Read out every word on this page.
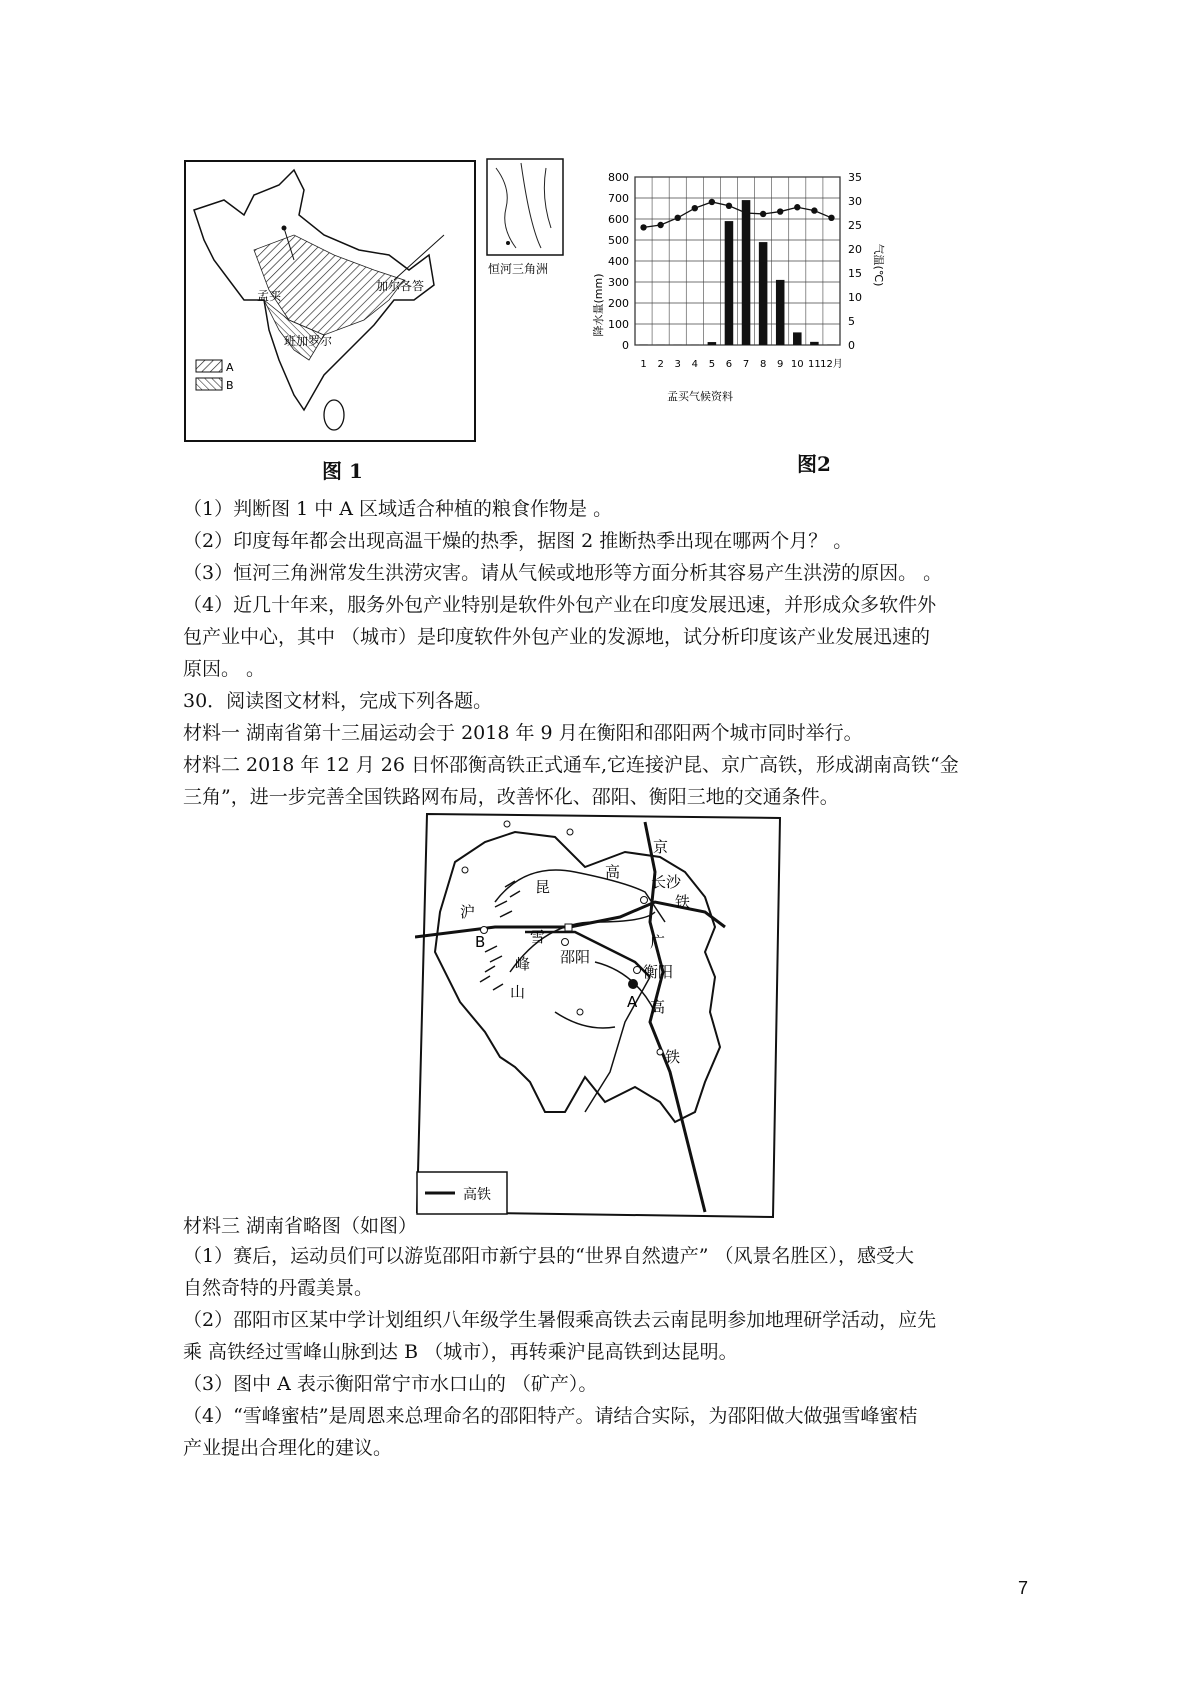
孟买
班加罗尔
加尔各答
A
B
恒河三角洲
图 1
降水量(mm)
气温(℃)
孟买气候资料
0
100
200
300
400
500
600
700
800
0
5
10
15
20
25
30
35
1 2 3 4 5 6 7 8 9 10 11 12月
图2
（1）判断图 1 中 A 区域适合种植的粮食作物是 。
（2）印度每年都会出现高温干燥的热季，据图 2 推断热季出现在哪两个月？ 。
（3）恒河三角洲常发生洪涝灾害。请从气候或地形等方面分析其容易产生洪涝的原因。 。
（4）近几十年来，服务外包产业特别是软件外包产业在印度发展迅速，并形成众多软件外
包产业中心，其中 （城市）是印度软件外包产业的发源地，试分析印度该产业发展迅速的
原因。 。
30．阅读图文材料，完成下列各题。
材料一 湖南省第十三届运动会于 2018 年 9 月在衡阳和邵阳两个城市同时举行。
材料二 2018 年 12 月 26 日怀邵衡高铁正式通车,它连接沪昆、京广高铁，形成湖南高铁“金
三角”，进一步完善全国铁路网布局，改善怀化、邵阳、衡阳三地的交通条件。
京
长沙
铁
广
衡阳
高
铁
A
沪
昆
高
B	雪
峰
山
邵阳
高铁
材料三 湖南省略图（如图）
（1）赛后，运动员们可以游览邵阳市新宁县的“世界自然遗产” （风景名胜区），感受大
自然奇特的丹霞美景。
（2）邵阳市区某中学计划组织八年级学生暑假乘高铁去云南昆明参加地理研学活动，应先
乘 高铁经过雪峰山脉到达 B （城市），再转乘沪昆高铁到达昆明。
（3）图中 A 表示衡阳常宁市水口山的 （矿产）。
（4）“雪峰蜜桔”是周恩来总理命名的邵阳特产。请结合实际，为邵阳做大做强雪峰蜜桔
产业提出合理化的建议。
7
